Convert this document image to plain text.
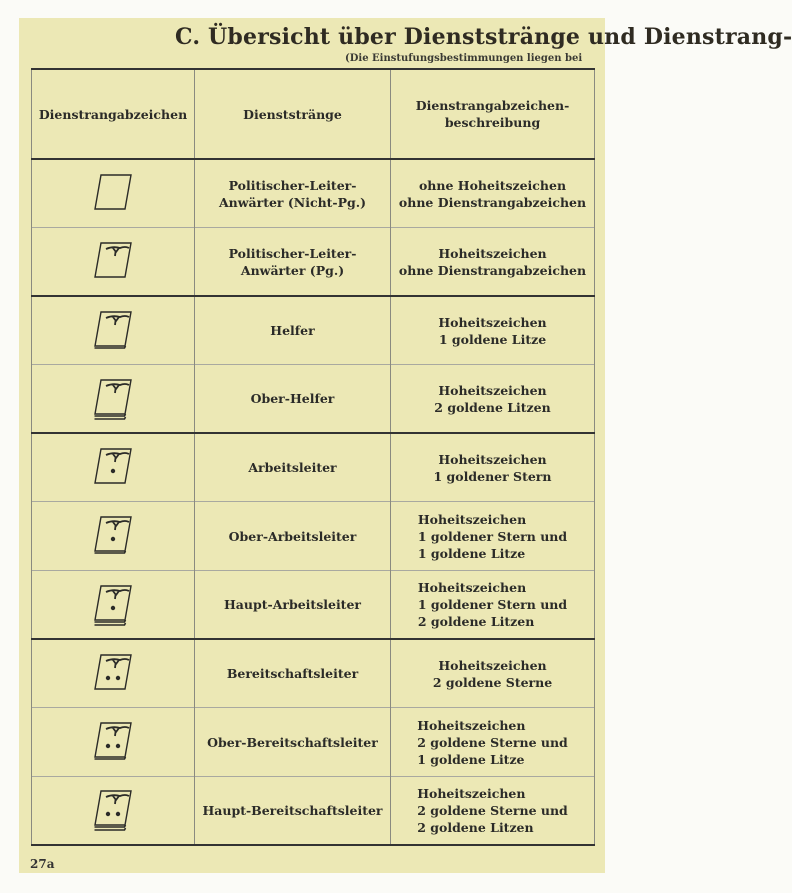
C. Übersicht über Dienststränge und Dienstrang-
(Die Einstufungsbestimmungen liegen bei
Dienstrangabzeichen	Dienststränge	Dienstrangabzeichen-
beschreibung

	Politischer-Leiter-
Anwärter (Nicht-Pg.)	ohne Hoheitszeichen
ohne Dienstrangabzeichen

	Politischer-Leiter-
Anwärter (Pg.)	Hoheitszeichen
ohne Dienstrangabzeichen

	Helfer	Hoheitszeichen
1 goldene Litze

	Ober-Helfer	Hoheitszeichen
2 goldene Litzen

	Arbeitsleiter	Hoheitszeichen
1 goldener Stern

	Ober-Arbeitsleiter	Hoheitszeichen
1 goldener Stern und
1 goldene Litze

	Haupt-Arbeitsleiter	Hoheitszeichen
1 goldener Stern und
2 goldene Litzen

	Bereitschaftsleiter	Hoheitszeichen
2 goldene Sterne

	Ober-Bereitschaftsleiter	Hoheitszeichen
2 goldene Sterne und
1 goldene Litze

	Haupt-Bereitschaftsleiter	Hoheitszeichen
2 goldene Sterne und
2 goldene Litzen
27a
